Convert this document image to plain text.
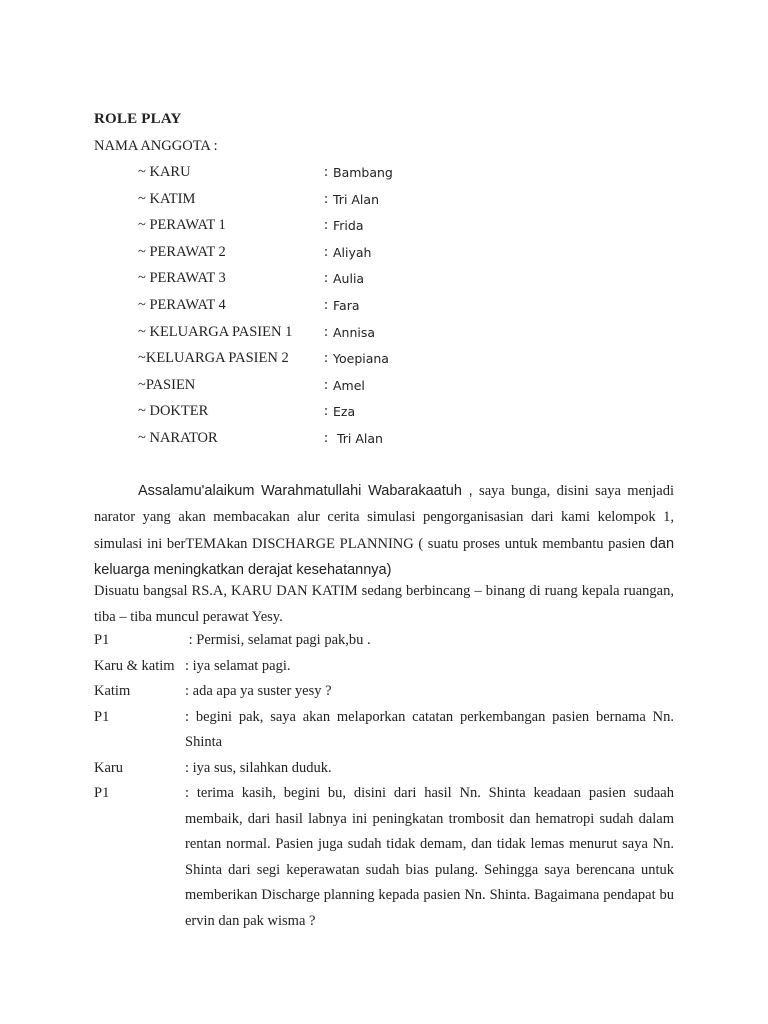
ROLE PLAY
NAMA ANGGOTA :
~ KARU	: Bambang
~ KATIM	: Tri Alan
~ PERAWAT 1	: Frida
~ PERAWAT 2	: Aliyah
~ PERAWAT 3	: Aulia
~ PERAWAT 4	: Fara
~ KELUARGA PASIEN 1 : Annisa
~KELUARGA PASIEN 2 : Yoepiana
~PASIEN	: Amel
~ DOKTER	: Eza
~ NARATOR	: Tri Alan

Assalamu'alaikum Warahmatullahi Wabarakaatuh , saya bunga, disini saya menjadi narator yang akan membacakan alur cerita simulasi pengorganisasian dari kami kelompok 1, simulasi ini berTEMAkan DISCHARGE PLANNING ( suatu proses untuk membantu pasien dan keluarga meningkatkan derajat kesehatannya)

Disuatu bangsal RS.A, KARU DAN KATIM sedang berbincang – binang di ruang kepala ruangan, tiba – tiba muncul perawat Yesy.

P1	: Permisi, selamat pagi pak,bu .
Karu & katim : iya selamat pagi.
Katim	: ada apa ya suster yesy ?
P1	: begini pak, saya akan melaporkan catatan perkembangan pasien bernama Nn. Shinta
Karu	: iya sus, silahkan duduk.
P1	: terima kasih, begini bu, disini dari hasil Nn. Shinta keadaan pasien sudaah membaik, dari hasil labnya ini peningkatan trombosit dan hematropi sudah dalam rentan normal. Pasien juga sudah tidak demam, dan tidak lemas menurut saya Nn. Shinta dari segi keperawatan sudah bias pulang. Sehingga saya berencana untuk memberikan Discharge planning kepada pasien Nn. Shinta. Bagaimana pendapat bu ervin dan pak wisma ?
